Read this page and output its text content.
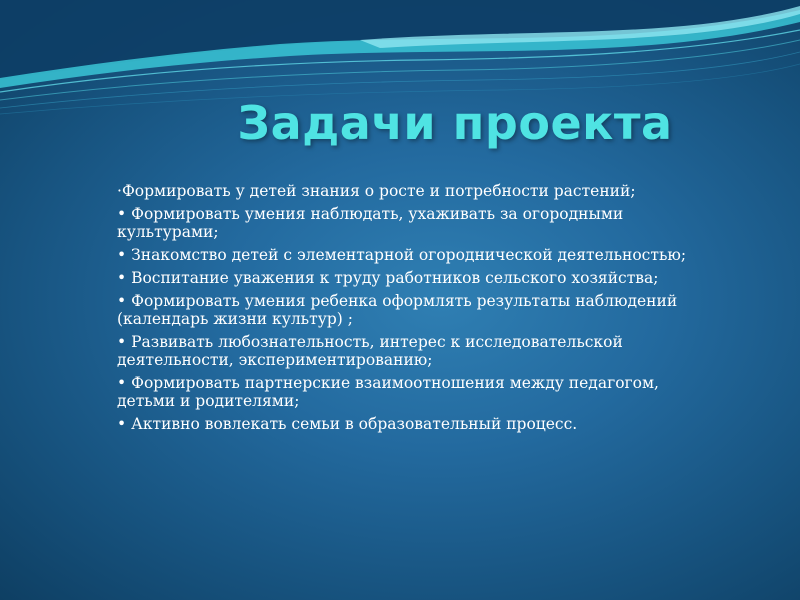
Задачи проекта
·Формировать у детей знания о росте и потребности растений;
• Формировать умения наблюдать, ухаживать за огородными культурами;
• Знакомство детей с элементарной огороднической деятельностью;
• Воспитание уважения к труду работников сельского хозяйства;
• Формировать умения ребенка оформлять результаты наблюдений (календарь жизни культур) ;
• Развивать любознательность, интерес к исследовательской деятельности, экспериментированию;
• Формировать партнерские взаимоотношения между педагогом, детьми и родителями;
• Активно вовлекать семьи в образовательный процесс.
